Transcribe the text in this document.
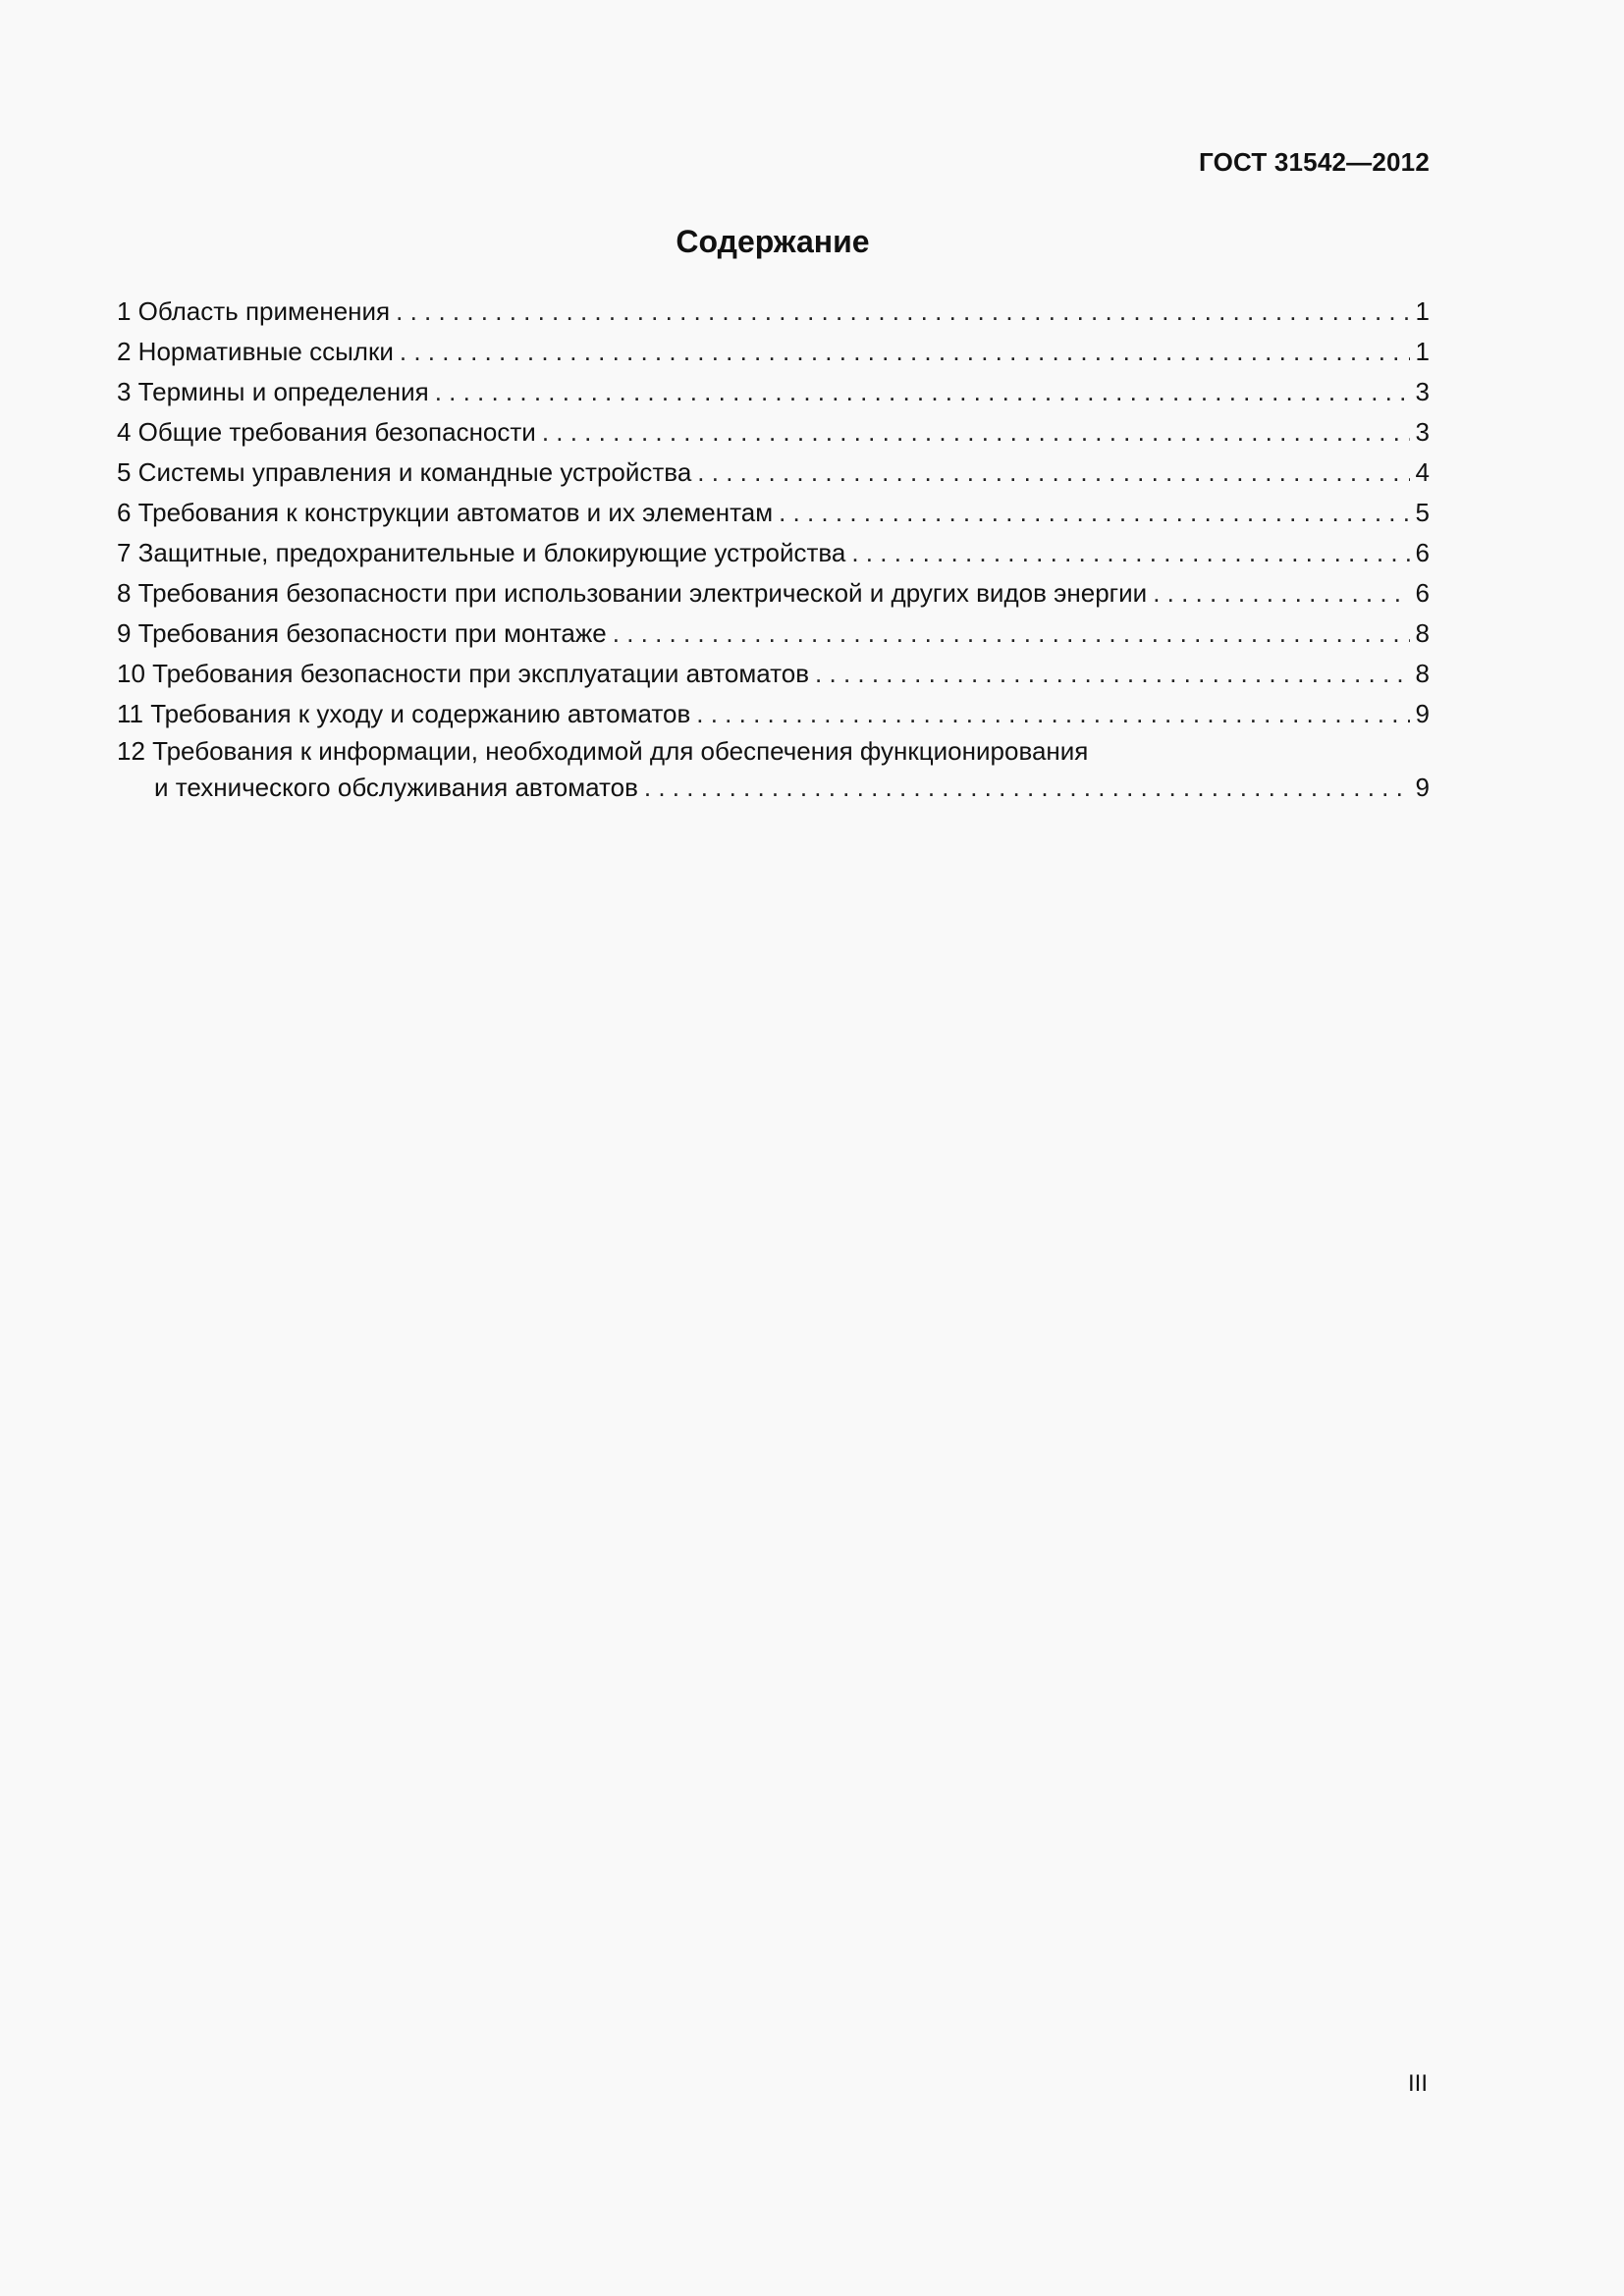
ГОСТ 31542—2012
Содержание
1 Область применения . . .	1
2 Нормативные ссылки . . .	1
3 Термины и определения . . .	3
4 Общие требования безопасности . . .	3
5 Системы управления и командные устройства . . .	4
6 Требования к конструкции автоматов и их элементам . . .	5
7 Защитные, предохранительные и блокирующие устройства . . .	6
8 Требования безопасности при использовании электрической и других видов энергии . . .	6
9 Требования безопасности при монтаже . . .	8
10 Требования безопасности при эксплуатации автоматов . . .	8
11 Требования к уходу и содержанию автоматов . . .	9
12 Требования к информации, необходимой для обеспечения функционирования
и технического обслуживания автоматов . . .	9
III
